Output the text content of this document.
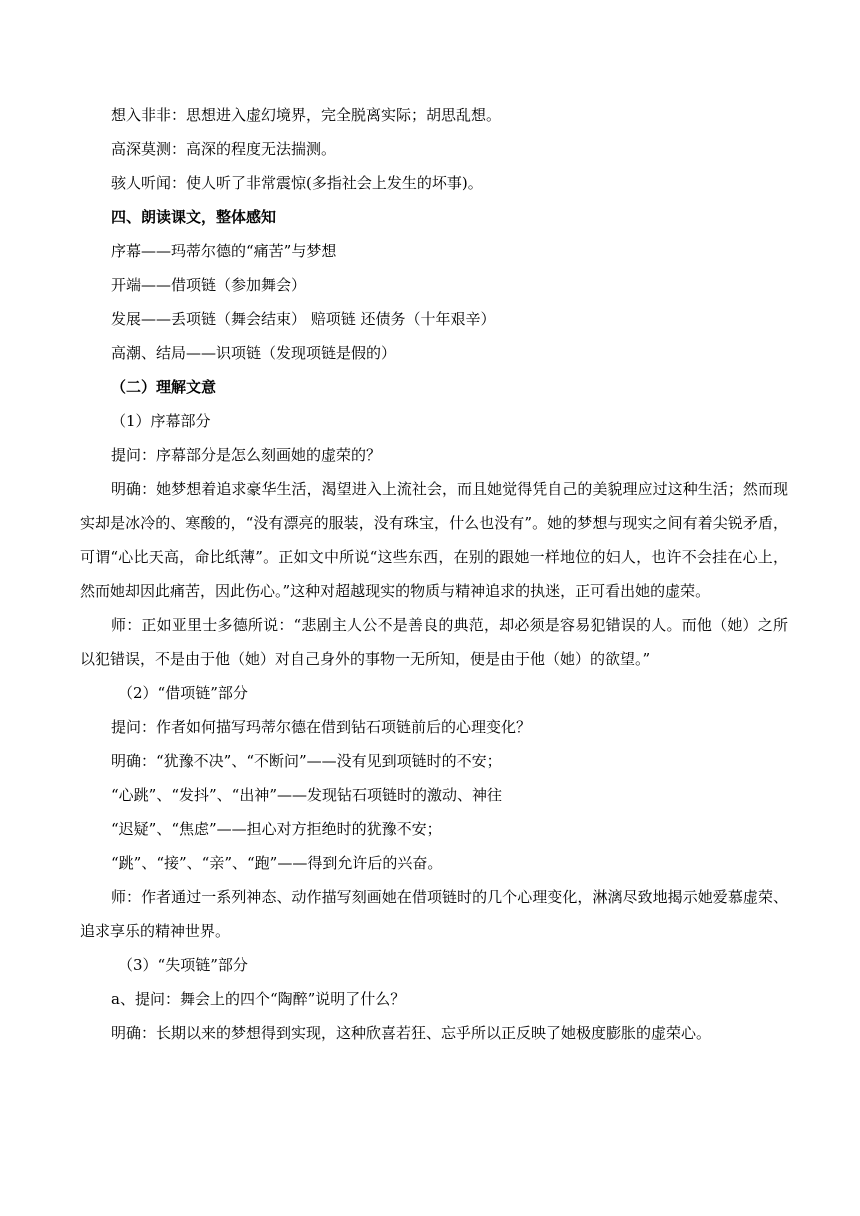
想入非非：思想进入虚幻境界，完全脱离实际；胡思乱想。

高深莫测：高深的程度无法揣测。

骇人听闻：使人听了非常震惊(多指社会上发生的坏事)。

四、朗读课文，整体感知

序幕——玛蒂尔德的“痛苦”与梦想

开端——借项链（参加舞会）

发展——丢项链（舞会结束） 赔项链 还债务（十年艰辛）

高潮、结局——识项链（发现项链是假的）

（二）理解文意

（1）序幕部分

提问：序幕部分是怎么刻画她的虚荣的？

明确：她梦想着追求豪华生活，渴望进入上流社会，而且她觉得凭自己的美貌理应过这种生活；然而现实却是冰冷的、寒酸的，“没有漂亮的服装，没有珠宝，什么也没有”。她的梦想与现实之间有着尖锐矛盾，可谓“心比天高，命比纸薄”。正如文中所说“这些东西，在别的跟她一样地位的妇人，也许不会挂在心上，然而她却因此痛苦，因此伤心。”这种对超越现实的物质与精神追求的执迷，正可看出她的虚荣。

师：正如亚里士多德所说：“悲剧主人公不是善良的典范，却必须是容易犯错误的人。而他（她）之所以犯错误，不是由于他（她）对自己身外的事物一无所知，便是由于他（她）的欲望。”

（2）“借项链”部分

提问：作者如何描写玛蒂尔德在借到钻石项链前后的心理变化？

明确：“犹豫不决”、“不断问”——没有见到项链时的不安；

“心跳”、“发抖”、“出神”——发现钻石项链时的激动、神往

“迟疑”、“焦虑”——担心对方拒绝时的犹豫不安；

“跳”、“接”、“亲”、“跑”——得到允许后的兴奋。

师：作者通过一系列神态、动作描写刻画她在借项链时的几个心理变化，淋漓尽致地揭示她爱慕虚荣、追求享乐的精神世界。

（3）“失项链”部分

a、提问：舞会上的四个“陶醉”说明了什么？

明确：长期以来的梦想得到实现，这种欣喜若狂、忘乎所以正反映了她极度膨胀的虚荣心。
